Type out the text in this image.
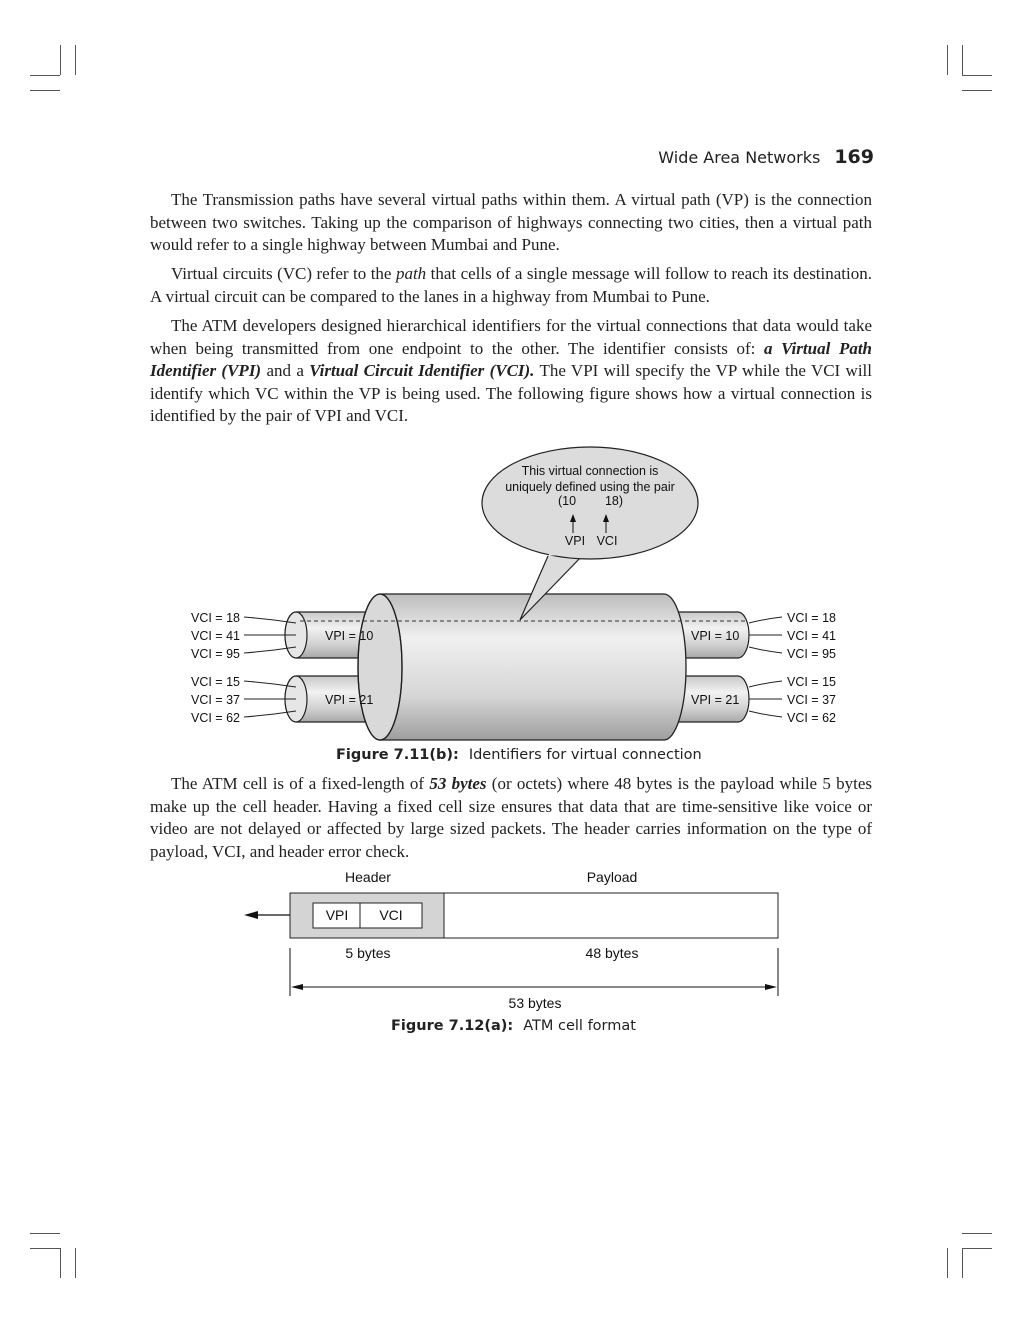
Wide Area Networks 169

The Transmission paths have several virtual paths within them. A virtual path (VP) is the connection between two switches. Taking up the comparison of highways connecting two cities, then a virtual path would refer to a single highway between Mumbai and Pune.

Virtual circuits (VC) refer to the path that cells of a single message will follow to reach its destination. A virtual circuit can be compared to the lanes in a highway from Mumbai to Pune.

The ATM developers designed hierarchical identifiers for the virtual connections that data would take when being transmitted from one endpoint to the other. The identifier consists of: a Virtual Path Identifier (VPI) and a Virtual Circuit Identifier (VCI). The VPI will specify the VP while the VCI will identify which VC within the VP is being used. The following figure shows how a virtual connection is identified by the pair of VPI and VCI.

This virtual connection is
uniquely defined using the pair
(10 18)
VPI VCI
VPI = 10
VPI = 21
VPI = 10
VPI = 21
VCI = 18
VCI = 41
VCI = 95
VCI = 15
VCI = 37
VCI = 62
VCI = 18
VCI = 41
VCI = 95
VCI = 15
VCI = 37
VCI = 62
Figure 7.11(b): Identifiers for virtual connection

The ATM cell is of a fixed-length of 53 bytes (or octets) where 48 bytes is the payload while 5 bytes make up the cell header. Having a fixed cell size ensures that data that are time-sensitive like voice or video are not delayed or affected by large sized packets. The header carries information on the type of payload, VCI, and header error check.

Header	Payload
VPI VCI
5 bytes	48 bytes
53 bytes
Figure 7.12(a): ATM cell format
